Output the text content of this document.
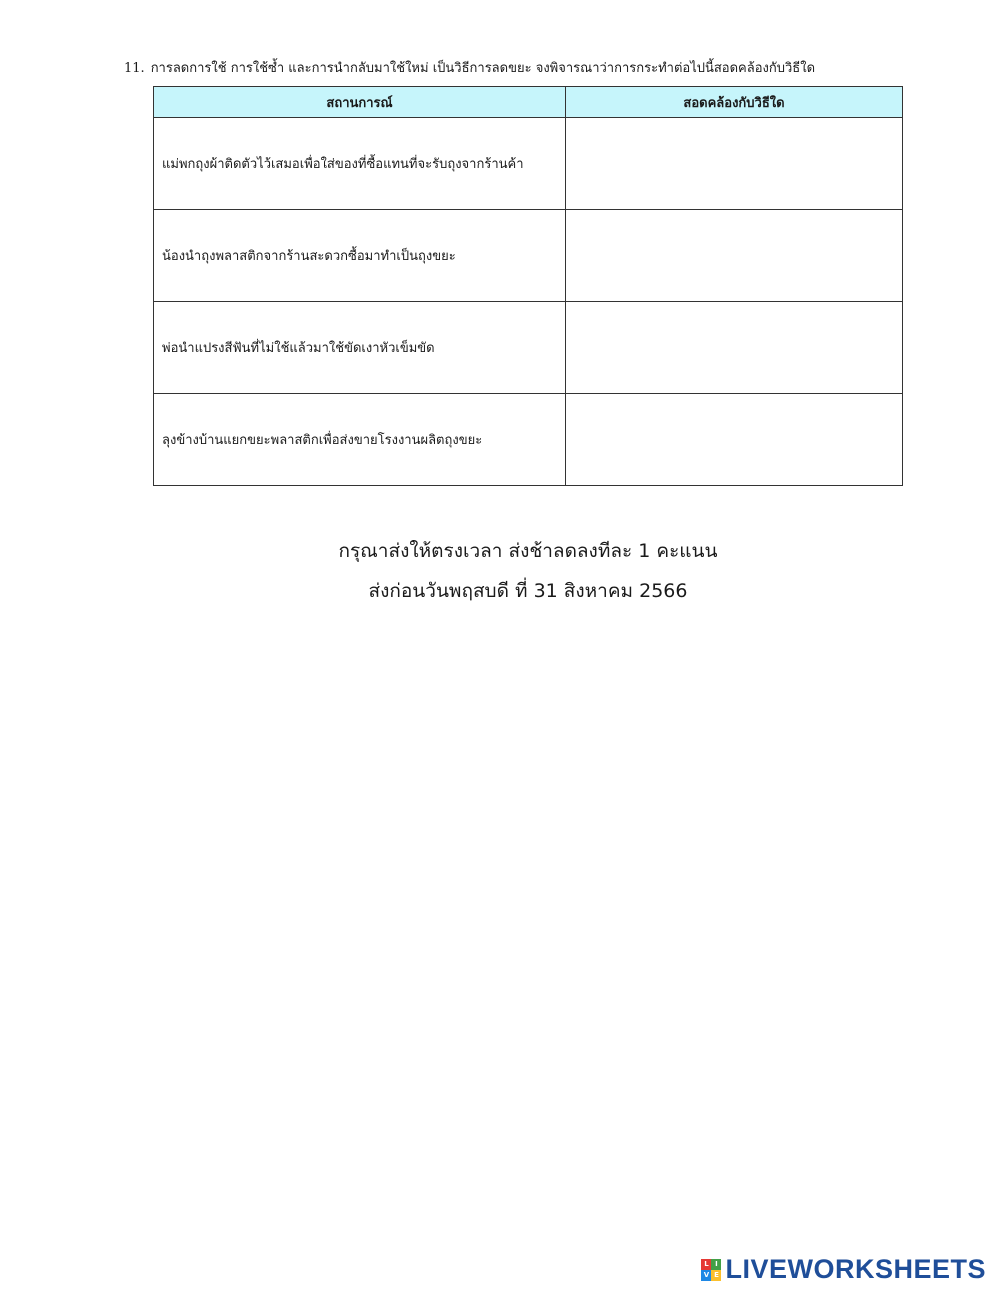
11. การลดการใช้ การใช้ซ้ำ และการนำกลับมาใช้ใหม่ เป็นวิธีการลดขยะ จงพิจารณาว่าการกระทำต่อไปนี้สอดคล้องกับวิธีใด
สถานการณ์	สอดคล้องกับวิธีใด
แม่พกถุงผ้าติดตัวไว้เสมอเพื่อใส่ของที่ซื้อแทนที่จะรับถุงจากร้านค้า	

น้องนำถุงพลาสติกจากร้านสะดวกซื้อมาทำเป็นถุงขยะ	

พ่อนำแปรงสีฟันที่ไม่ใช้แล้วมาใช้ขัดเงาหัวเข็มขัด	

ลุงข้างบ้านแยกขยะพลาสติกเพื่อส่งขายโรงงานผลิตถุงขยะ	
กรุณาส่งให้ตรงเวลา ส่งช้าลดลงทีละ 1 คะแนน
ส่งก่อนวันพฤสบดี ที่ 31 สิงหาคม 2566
L I
V E LIVEWORKSHEETS
